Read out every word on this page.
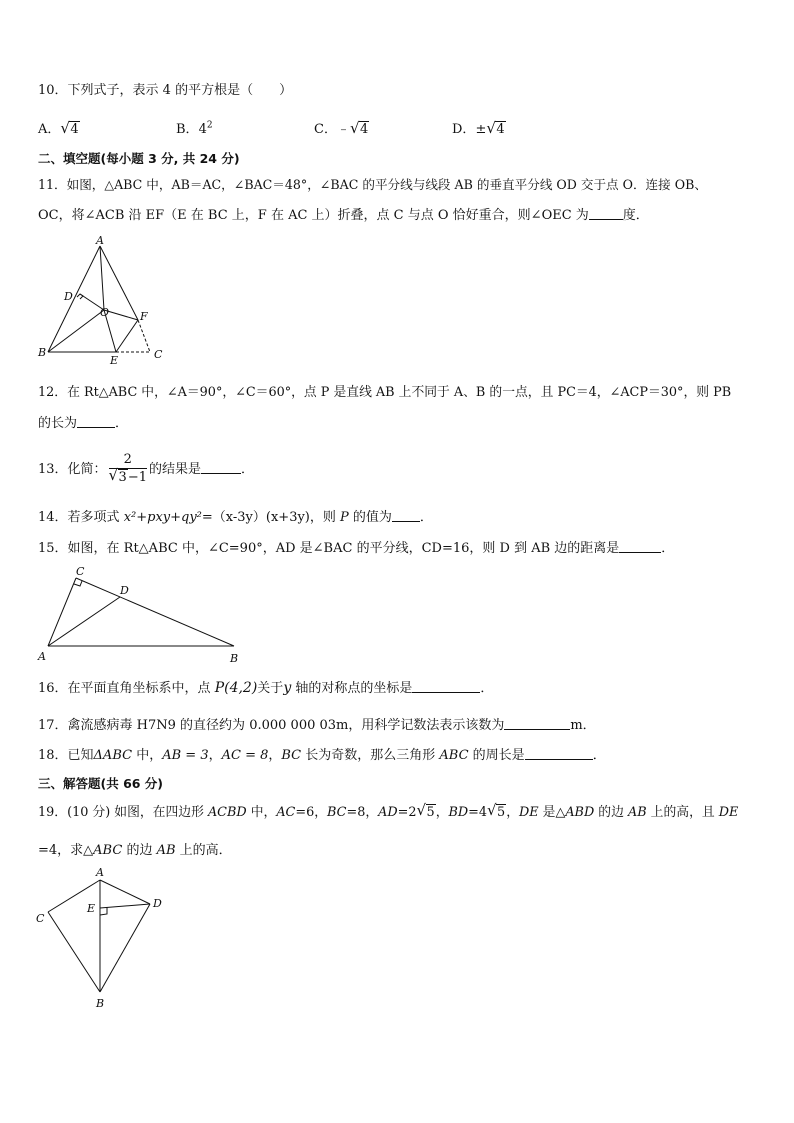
10．下列式子，表示 4 的平方根是（　　）
A． √ 4	B．$4^2$	C．﹣ √ 4	D．± √ 4
二、填空题(每小题 3 分, 共 24 分)
11．如图，△ABC 中，AB＝AC，∠BAC＝48°，∠BAC 的平分线与线段 AB 的垂直平分线 OD 交于点 O．连接 OB、
OC，将∠ACB 沿 EF（E 在 BC 上，F 在 AC 上）折叠，点 C 与点 O 恰好重合，则∠OEC 为	度．
A
D
O	F
B
E	C
12．在 Rt△ABC 中，∠A＝90°，∠C＝60°，点 P 是直线 AB 上不同于 A、B 的一点，且 PC＝4，∠ACP＝30°，则 PB
的长为	．
13．化简： $\frac{2}{√ 3-1}$ 的结果是	．
14．若多项式 x²+pxy+qy²=（x-3y）(x+3y)，则 P 的值为 ．
15．如图，在 Rt△ABC 中，∠C=90°，AD 是∠BAC 的平分线，CD=16，则 D 到 AB 边的距离是	．
C
D
A	B
16．在平面直角坐标系中，点 P(4,2)关于y 轴的对称点的坐标是	．
17．禽流感病毒 H7N9 的直径约为 0.000 000 03m，用科学记数法表示该数为	m．
18．已知ΔABC 中，AB = 3，AC = 8，BC 长为奇数，那么三角形 ABC 的周长是	．
三、解答题(共 66 分)
19．(10 分) 如图，在四边形 ACBD 中，AC=6，BC=8，AD=2 √ 5，BD=4 √ 5，DE 是△ABD 的边 AB 上的高，且 DE
=4，求△ABC 的边 AB 上的高．
A
E	D
C
B
